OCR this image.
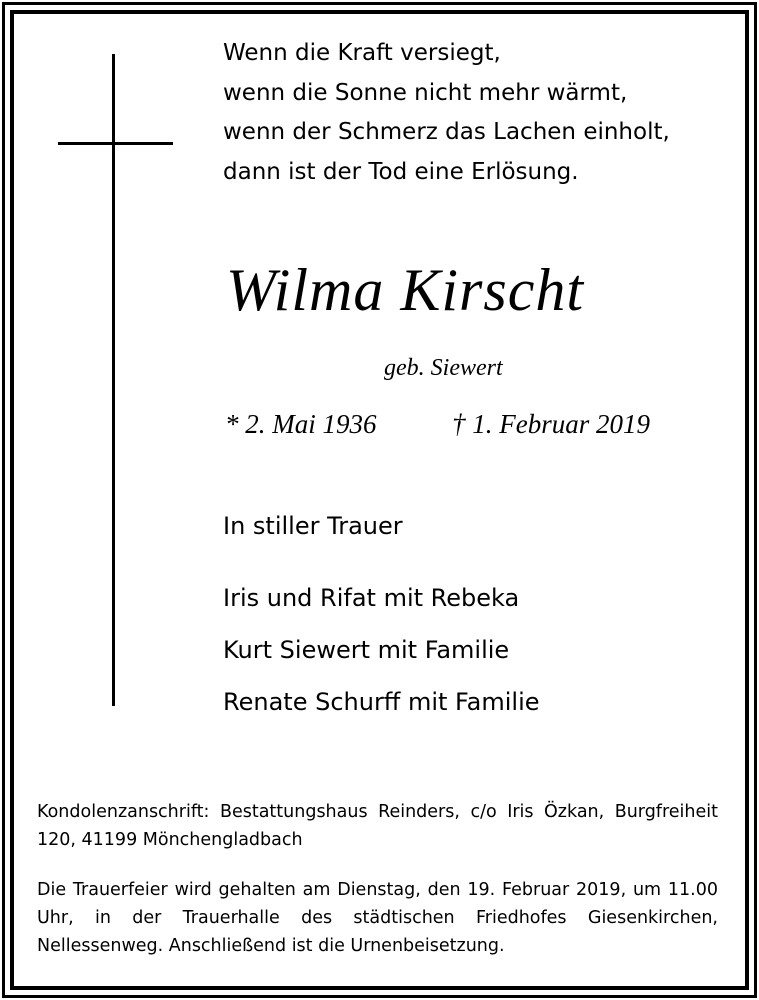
Wenn die Kraft versiegt,
wenn die Sonne nicht mehr wärmt,
wenn der Schmerz das Lachen einholt,
dann ist der Tod eine Erlösung.
Wilma Kirscht
geb. Siewert
* 2. Mai 1936	† 1. Februar 2019
In stiller Trauer
Iris und Rifat mit Rebeka
Kurt Siewert mit Familie
Renate Schurff mit Familie
Kondolenzanschrift: Bestattungshaus Reinders, c/o Iris Özkan, Burgfreiheit 120, 41199 Mönchengladbach
Die Trauerfeier wird gehalten am Dienstag, den 19. Februar 2019, um 11.00 Uhr, in der Trauerhalle des städtischen Friedhofes Giesenkirchen, Nellessenweg. Anschließend ist die Urnenbeisetzung.
